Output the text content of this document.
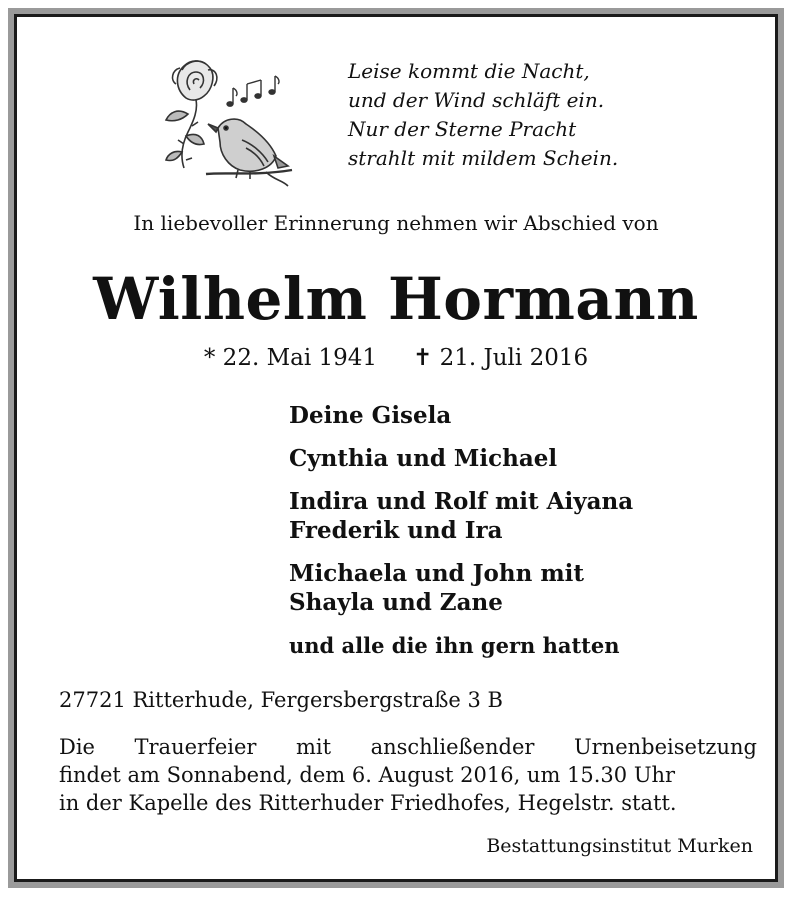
Leise kommt die Nacht,
und der Wind schläft ein.
Nur der Sterne Pracht
strahlt mit mildem Schein.
In liebevoller Erinnerung nehmen wir Abschied von
Wilhelm Hormann
* 22. Mai 1941 ✝ 21. Juli 2016
Deine Gisela
Cynthia und Michael
Indira und Rolf mit Aiyana
Frederik und Ira
Michaela und John mit
Shayla und Zane
und alle die ihn gern hatten
27721 Ritterhude, Fergersbergstraße 3 B
Die Trauerfeier mit anschließender Urnenbeisetzung
findet am Sonnabend, dem 6. August 2016, um 15.30 Uhr
in der Kapelle des Ritterhuder Friedhofes, Hegelstr. statt.
Bestattungsinstitut Murken
